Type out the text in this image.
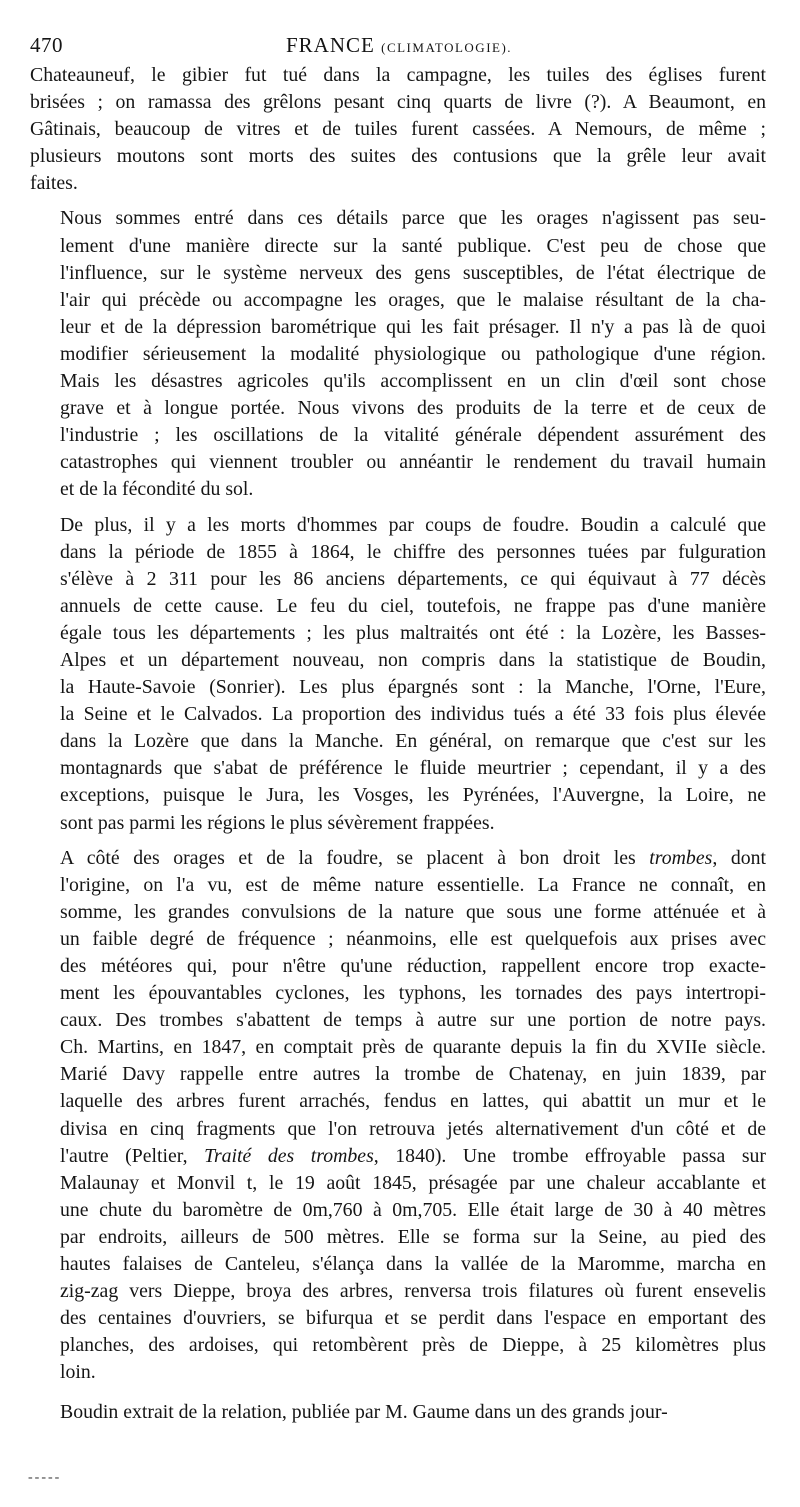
470	FRANCE (CLIMATOLOGIE).

Chateauneuf, le gibier fut tué dans la campagne, les tuiles des églises furent
brisées ; on ramassa des grêlons pesant cinq quarts de livre (?). A Beaumont, en
Gâtinais, beaucoup de vitres et de tuiles furent cassées. A Nemours, de même ;
plusieurs moutons sont morts des suites des contusions que la grêle leur avait
faites.

Nous sommes entré dans ces détails parce que les orages n'agissent pas seu-
lement d'une manière directe sur la santé publique. C'est peu de chose que
l'influence, sur le système nerveux des gens susceptibles, de l'état électrique de
l'air qui précède ou accompagne les orages, que le malaise résultant de la cha-
leur et de la dépression barométrique qui les fait présager. Il n'y a pas là de quoi
modifier sérieusement la modalité physiologique ou pathologique d'une région.
Mais les désastres agricoles qu'ils accomplissent en un clin d'œil sont chose
grave et à longue portée. Nous vivons des produits de la terre et de ceux de
l'industrie ; les oscillations de la vitalité générale dépendent assurément des
catastrophes qui viennent troubler ou annéantir le rendement du travail humain
et de la fécondité du sol.

De plus, il y a les morts d'hommes par coups de foudre. Boudin a calculé que
dans la période de 1855 à 1864, le chiffre des personnes tuées par fulguration
s'élève à 2 311 pour les 86 anciens départements, ce qui équivaut à 77 décès
annuels de cette cause. Le feu du ciel, toutefois, ne frappe pas d'une manière
égale tous les départements ; les plus maltraités ont été : la Lozère, les Basses-
Alpes et un département nouveau, non compris dans la statistique de Boudin,
la Haute-Savoie (Sonrier). Les plus épargnés sont : la Manche, l'Orne, l'Eure,
la Seine et le Calvados. La proportion des individus tués a été 33 fois plus élevée
dans la Lozère que dans la Manche. En général, on remarque que c'est sur les
montagnards que s'abat de préférence le fluide meurtrier ; cependant, il y a des
exceptions, puisque le Jura, les Vosges, les Pyrénées, l'Auvergne, la Loire, ne
sont pas parmi les régions le plus sévèrement frappées.

A côté des orages et de la foudre, se placent à bon droit les trombes, dont
l'origine, on l'a vu, est de même nature essentielle. La France ne connaît, en
somme, les grandes convulsions de la nature que sous une forme atténuée et à
un faible degré de fréquence ; néanmoins, elle est quelquefois aux prises avec
des météores qui, pour n'être qu'une réduction, rappellent encore trop exacte-
ment les épouvantables cyclones, les typhons, les tornades des pays intertropi-
caux. Des trombes s'abattent de temps à autre sur une portion de notre pays.
Ch. Martins, en 1847, en comptait près de quarante depuis la fin du XVIIe siècle.
Marié Davy rappelle entre autres la trombe de Chatenay, en juin 1839, par
laquelle des arbres furent arrachés, fendus en lattes, qui abattit un mur et le
divisa en cinq fragments que l'on retrouva jetés alternativement d'un côté et de
l'autre (Peltier, Traité des trombes, 1840). Une trombe effroyable passa sur
Malaunay et Monvil t, le 19 août 1845, présagée par une chaleur accablante et
une chute du baromètre de 0m,760 à 0m,705. Elle était large de 30 à 40 mètres
par endroits, ailleurs de 500 mètres. Elle se forma sur la Seine, au pied des
hautes falaises de Canteleu, s'élança dans la vallée de la Maromme, marcha en
zig-zag vers Dieppe, broya des arbres, renversa trois filatures où furent ensevelis
des centaines d'ouvriers, se bifurqua et se perdit dans l'espace en emportant des
planches, des ardoises, qui retombèrent près de Dieppe, à 25 kilomètres plus
loin.

Boudin extrait de la relation, publiée par M. Gaume dans un des grands jour-

-----
